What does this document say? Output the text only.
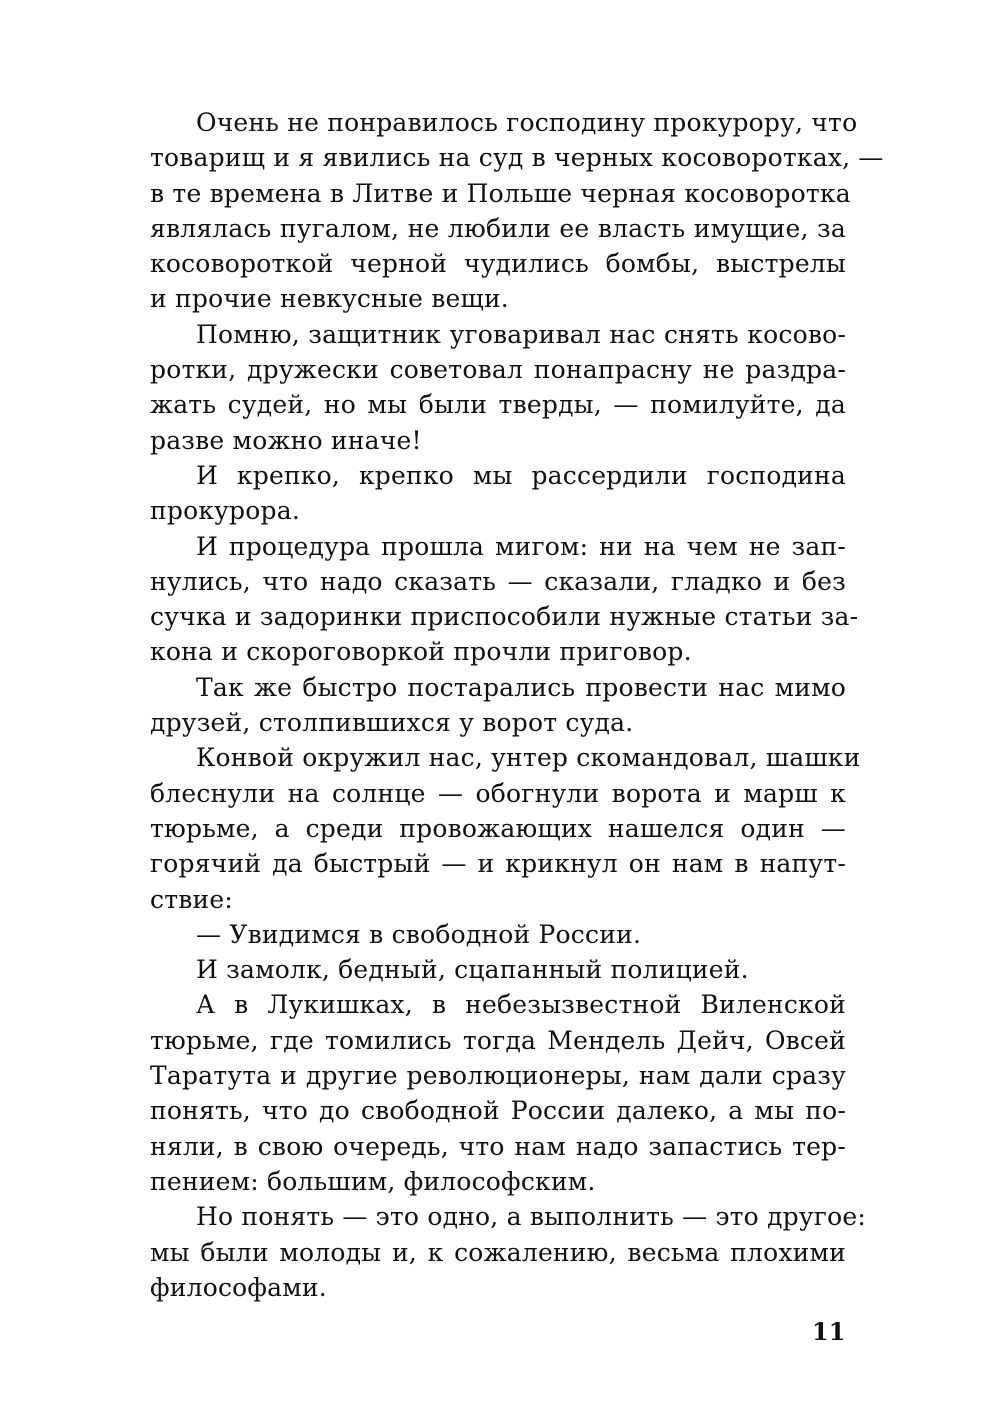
Очень не понравилось господину прокурору, что
товарищ и я явились на суд в черных косоворотках, —
в те времена в Литве и Польше черная косоворотка
являлась пугалом, не любили ее власть имущие, за
косовороткой черной чудились бомбы, выстрелы
и прочие невкусные вещи.
Помню, защитник уговаривал нас снять косово-
ротки, дружески советовал понапрасну не раздра-
жать судей, но мы были тверды, — помилуйте, да
разве можно иначе!
И крепко, крепко мы рассердили господина
прокурора.
И процедура прошла мигом: ни на чем не зап-
нулись, что надо сказать — сказали, гладко и без
сучка и задоринки приспособили нужные статьи за-
кона и скороговоркой прочли приговор.
Так же быстро постарались провести нас мимо
друзей, столпившихся у ворот суда.
Конвой окружил нас, унтер скомандовал, шашки
блеснули на солнце — обогнули ворота и марш к
тюрьме, а среди провожающих нашелся один —
горячий да быстрый — и крикнул он нам в напут-
ствие:
— Увидимся в свободной России.
И замолк, бедный, сцапанный полицией.
А в Лукишках, в небезызвестной Виленской
тюрьме, где томились тогда Мендель Дейч, Овсей
Таратута и другие революционеры, нам дали сразу
понять, что до свободной России далеко, а мы по-
няли, в свою очередь, что нам надо запастись тер-
пением: большим, философским.
Но понять — это одно, а выполнить — это другое:
мы были молоды и, к сожалению, весьма плохими
философами.
11
